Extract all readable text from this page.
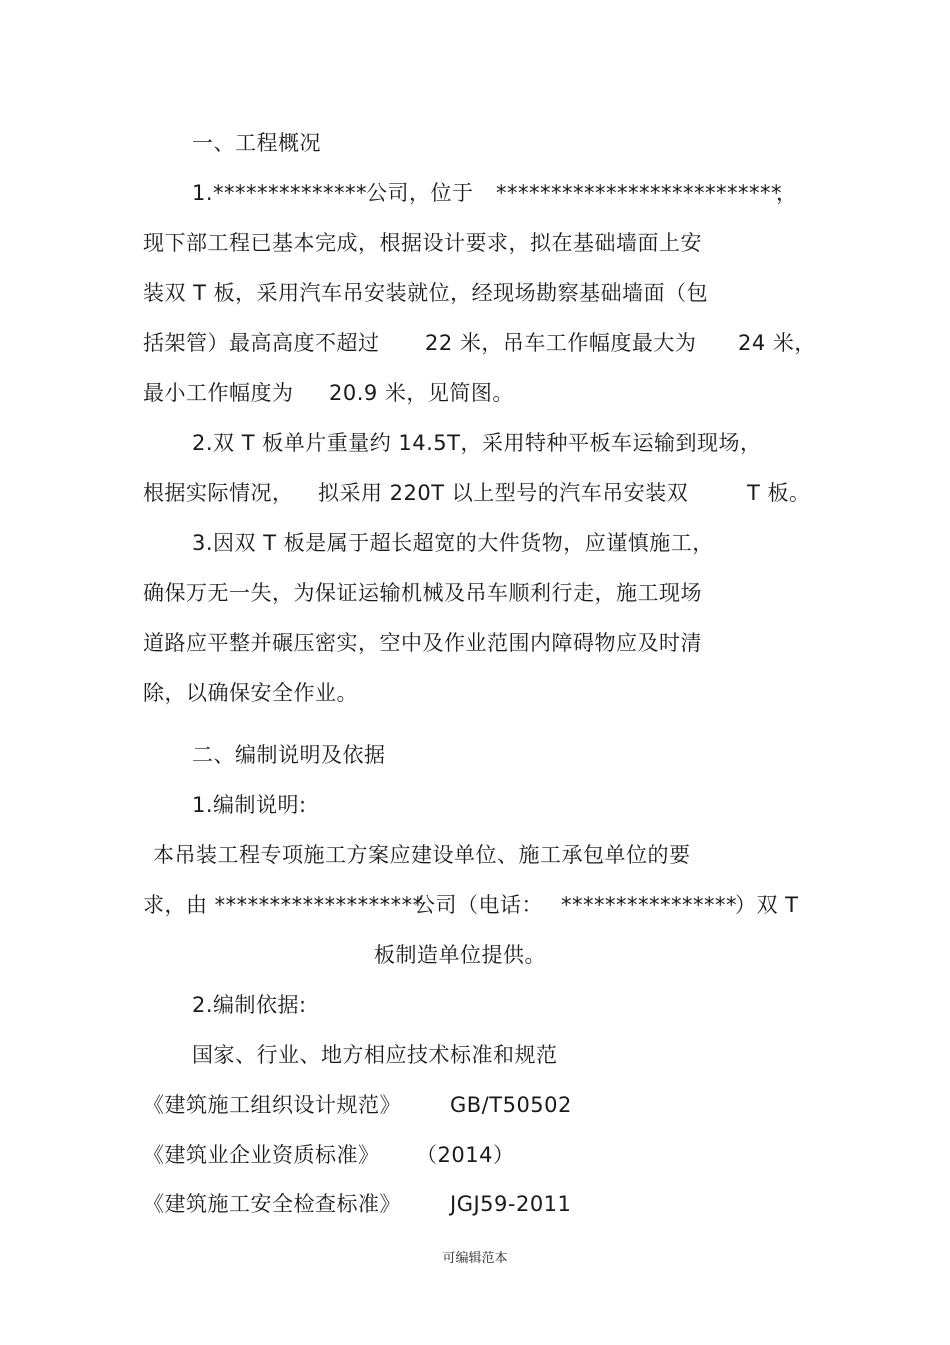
一、工程概况
1.**************
公司，位于 **************************
，
现下部工程已基本完成，根据设计要求，拟在基础墙面上安
装双 T 板，采用汽车吊安装就位，经现场勘察基础墙面（包
括架管）最高高度不超过 22 米，吊车工作幅度最大为 24 米，
最小工作幅度为 20.9 米，见简图。
2.双 T 板单片重量约 14.5T，采用特种平板车运输到现场，
根据实际情况， 拟采用 220T 以上型号的汽车吊安装双	T 板。
3.因双 T 板是属于超长超宽的大件货物，应谨慎施工，
确保万无一失，为保证运输机械及吊车顺利行走，施工现场
道路应平整并碾压密实，空中及作业范围内障碍物应及时清
除，以确保安全作业。
二、编制说明及依据
1.编制说明:
本吊装工程专项施工方案应建设单位、施工承包单位的要
求，由 *******************
公司（电话： ****************
）双 T
板制造单位提供。
2.编制依据:
国家、行业、地方相应技术标准和规范
《建筑施工组织设计规范》 GB/T50502
《建筑业企业资质标准》 （2014）
《建筑施工安全检查标准》 JGJ59-2011
可编辑范本
